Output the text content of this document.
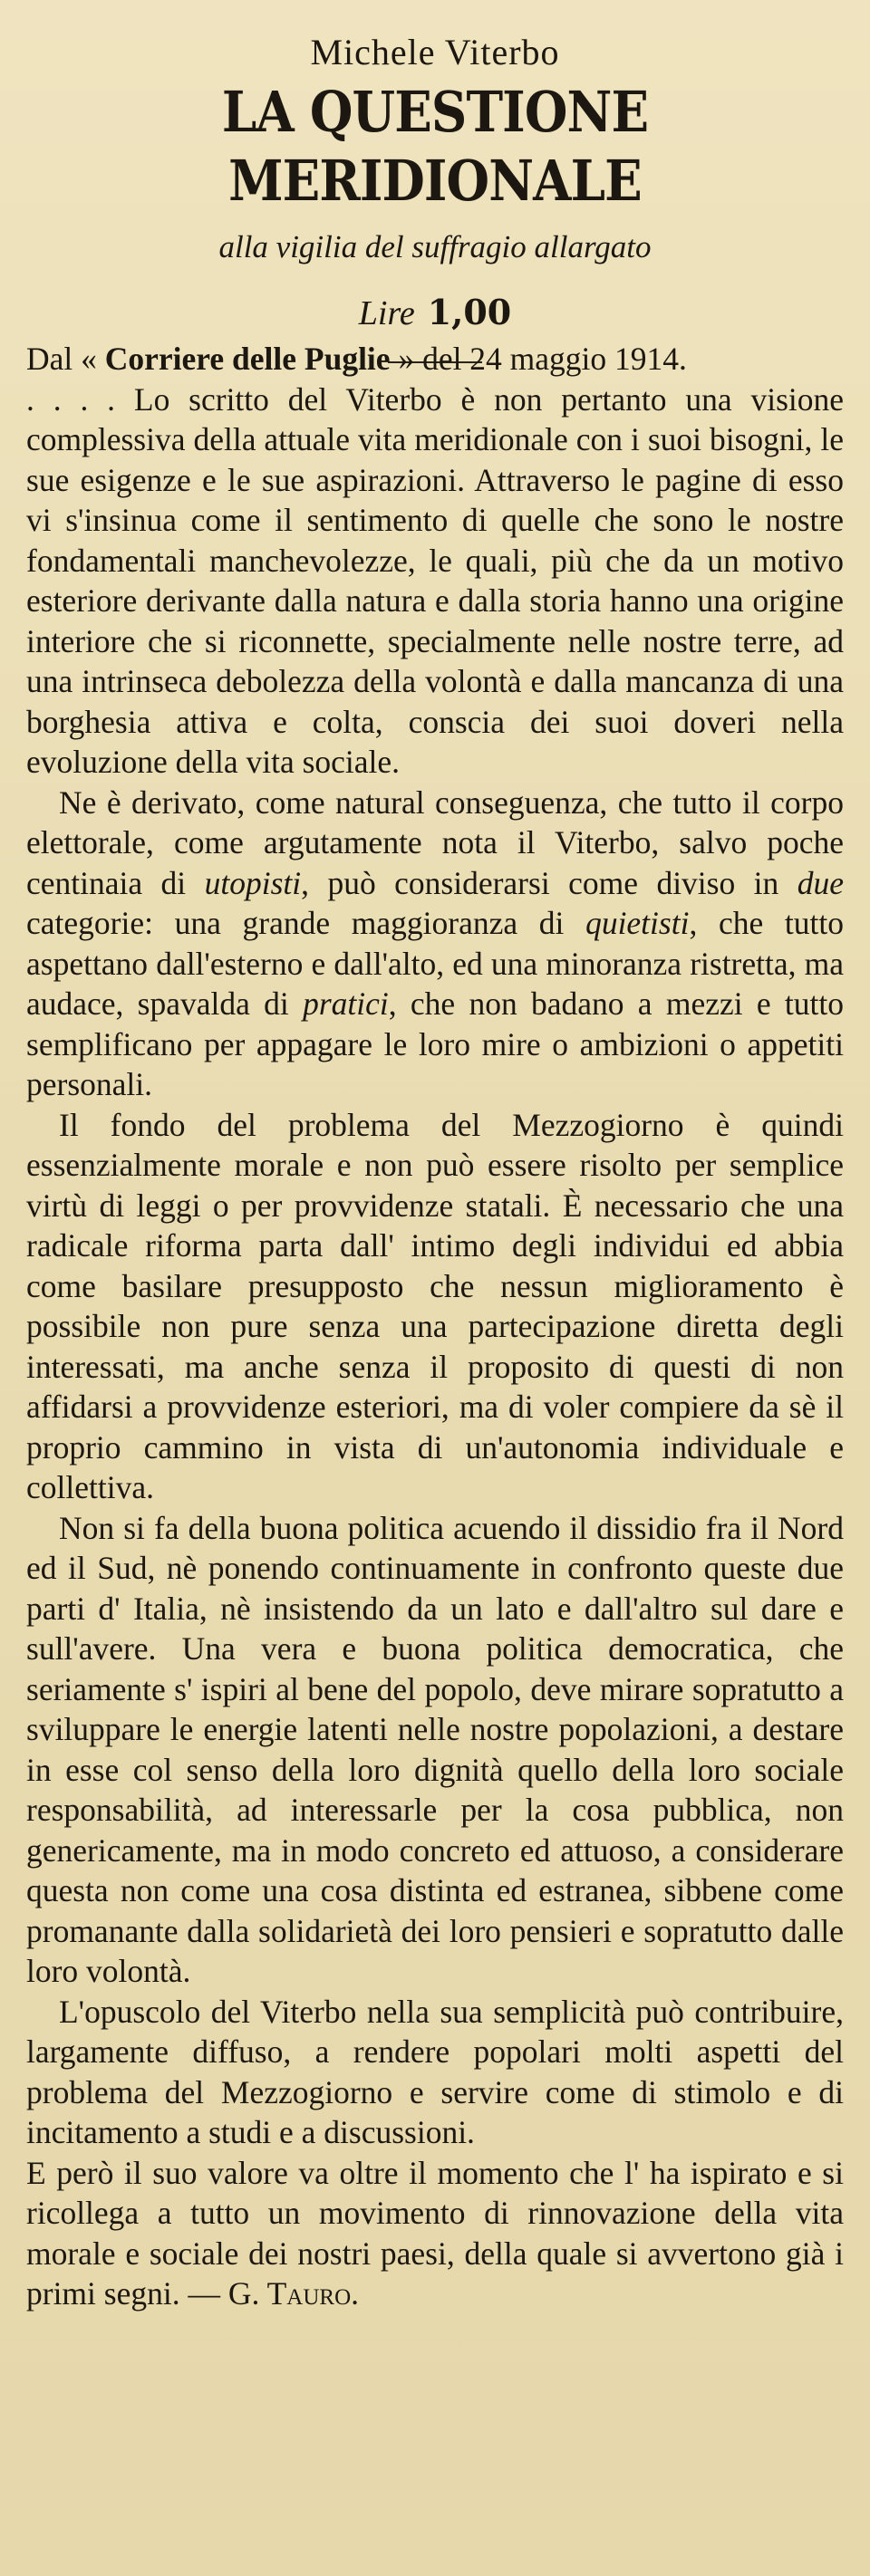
Michele Viterbo

LA QUESTIONE MERIDIONALE

alla vigilia del suffragio allargato

Lire 1,00

Dal « Corriere delle Puglie » del 24 maggio 1914.

. . . . Lo scritto del Viterbo è non pertanto una visione complessiva della attuale vita meridionale con i suoi bisogni, le sue esigenze e le sue aspirazioni. Attraverso le pagine di esso vi s'insinua come il sentimento di quelle che sono le nostre fondamentali manchevolezze, le quali, più che da un motivo esteriore derivante dalla natura e dalla storia hanno una origine interiore che si riconnette, specialmente nelle nostre terre, ad una intrinseca debolezza della volontà e dalla mancanza di una borghesia attiva e colta, conscia dei suoi doveri nella evoluzione della vita sociale.

Ne è derivato, come natural conseguenza, che tutto il corpo elettorale, come argutamente nota il Viterbo, salvo poche centinaia di utopisti, può considerarsi come diviso in due categorie: una grande maggioranza di quietisti, che tutto aspettano dall'esterno e dall'alto, ed una minoranza ristretta, ma audace, spavalda di pratici, che non badano a mezzi e tutto semplificano per appagare le loro mire o ambizioni o appetiti personali.

Il fondo del problema del Mezzogiorno è quindi essenzialmente morale e non può essere risolto per semplice virtù di leggi o per provvidenze statali. È necessario che una radicale riforma parta dall' intimo degli individui ed abbia come basilare presupposto che nessun miglioramento è possibile non pure senza una partecipazione diretta degli interessati, ma anche senza il proposito di questi di non affidarsi a provvidenze esteriori, ma di voler compiere da sè il proprio cammino in vista di un'autonomia individuale e collettiva.

Non si fa della buona politica acuendo il dissidio fra il Nord ed il Sud, nè ponendo continuamente in confronto queste due parti d' Italia, nè insistendo da un lato e dall'altro sul dare e sull'avere. Una vera e buona politica democratica, che seriamente s' ispiri al bene del popolo, deve mirare sopratutto a sviluppare le energie latenti nelle nostre popolazioni, a destare in esse col senso della loro dignità quello della loro sociale responsabilità, ad interessarle per la cosa pubblica, non genericamente, ma in modo concreto ed attuoso, a considerare questa non come una cosa distinta ed estranea, sibbene come promanante dalla solidarietà dei loro pensieri e sopratutto dalle loro volontà.

L'opuscolo del Viterbo nella sua semplicità può contribuire, largamente diffuso, a rendere popolari molti aspetti del problema del Mezzogiorno e servire come di stimolo e di incitamento a studi e a discussioni.

E però il suo valore va oltre il momento che l' ha ispirato e si ricollega a tutto un movimento di rinnovazione della vita morale e sociale dei nostri paesi, della quale si avvertono già i primi segni. — G. Tauro.
